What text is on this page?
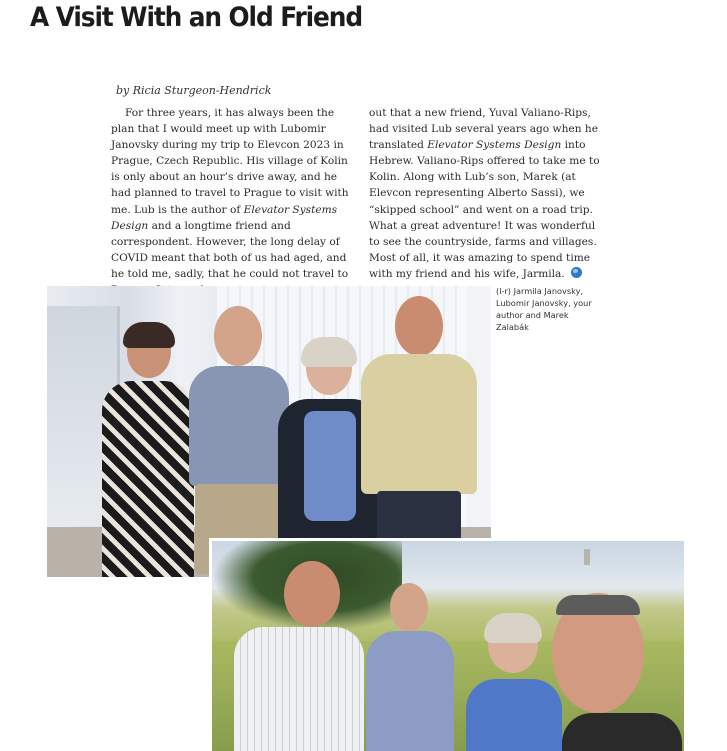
A Visit With an Old Friend
by Ricia Sturgeon-Hendrick

For three years, it has always been the plan that I would meet up with Lubomir Janovsky during my trip to Elevcon 2023 in Prague, Czech Republic. His village of Kolin is only about an hour’s drive away, and he had planned to travel to Prague to visit with me. Lub is the author of Elevator Systems Design and a longtime friend and correspondent. However, the long delay of COVID meant that both of us had aged, and he told me, sadly, that he could not travel to

out that a new friend, Yuval Valiano-Rips, had visited Lub several years ago when he translated Elevator Systems Design into Hebrew. Valiano-Rips offered to take me to Kolin. Along with Lub’s son, Marek (at Elevcon representing Alberto Sassi), we “skipped school” and went on a road trip. What a great adventure! It was wonderful to see the countryside, farms and villages. Most of all, it was amazing to spend time with my friend and his wife, Jarmila.

(l-r) Jarmila Janovsky, Lubomir Janovsky, your author and Marek Zalabák
